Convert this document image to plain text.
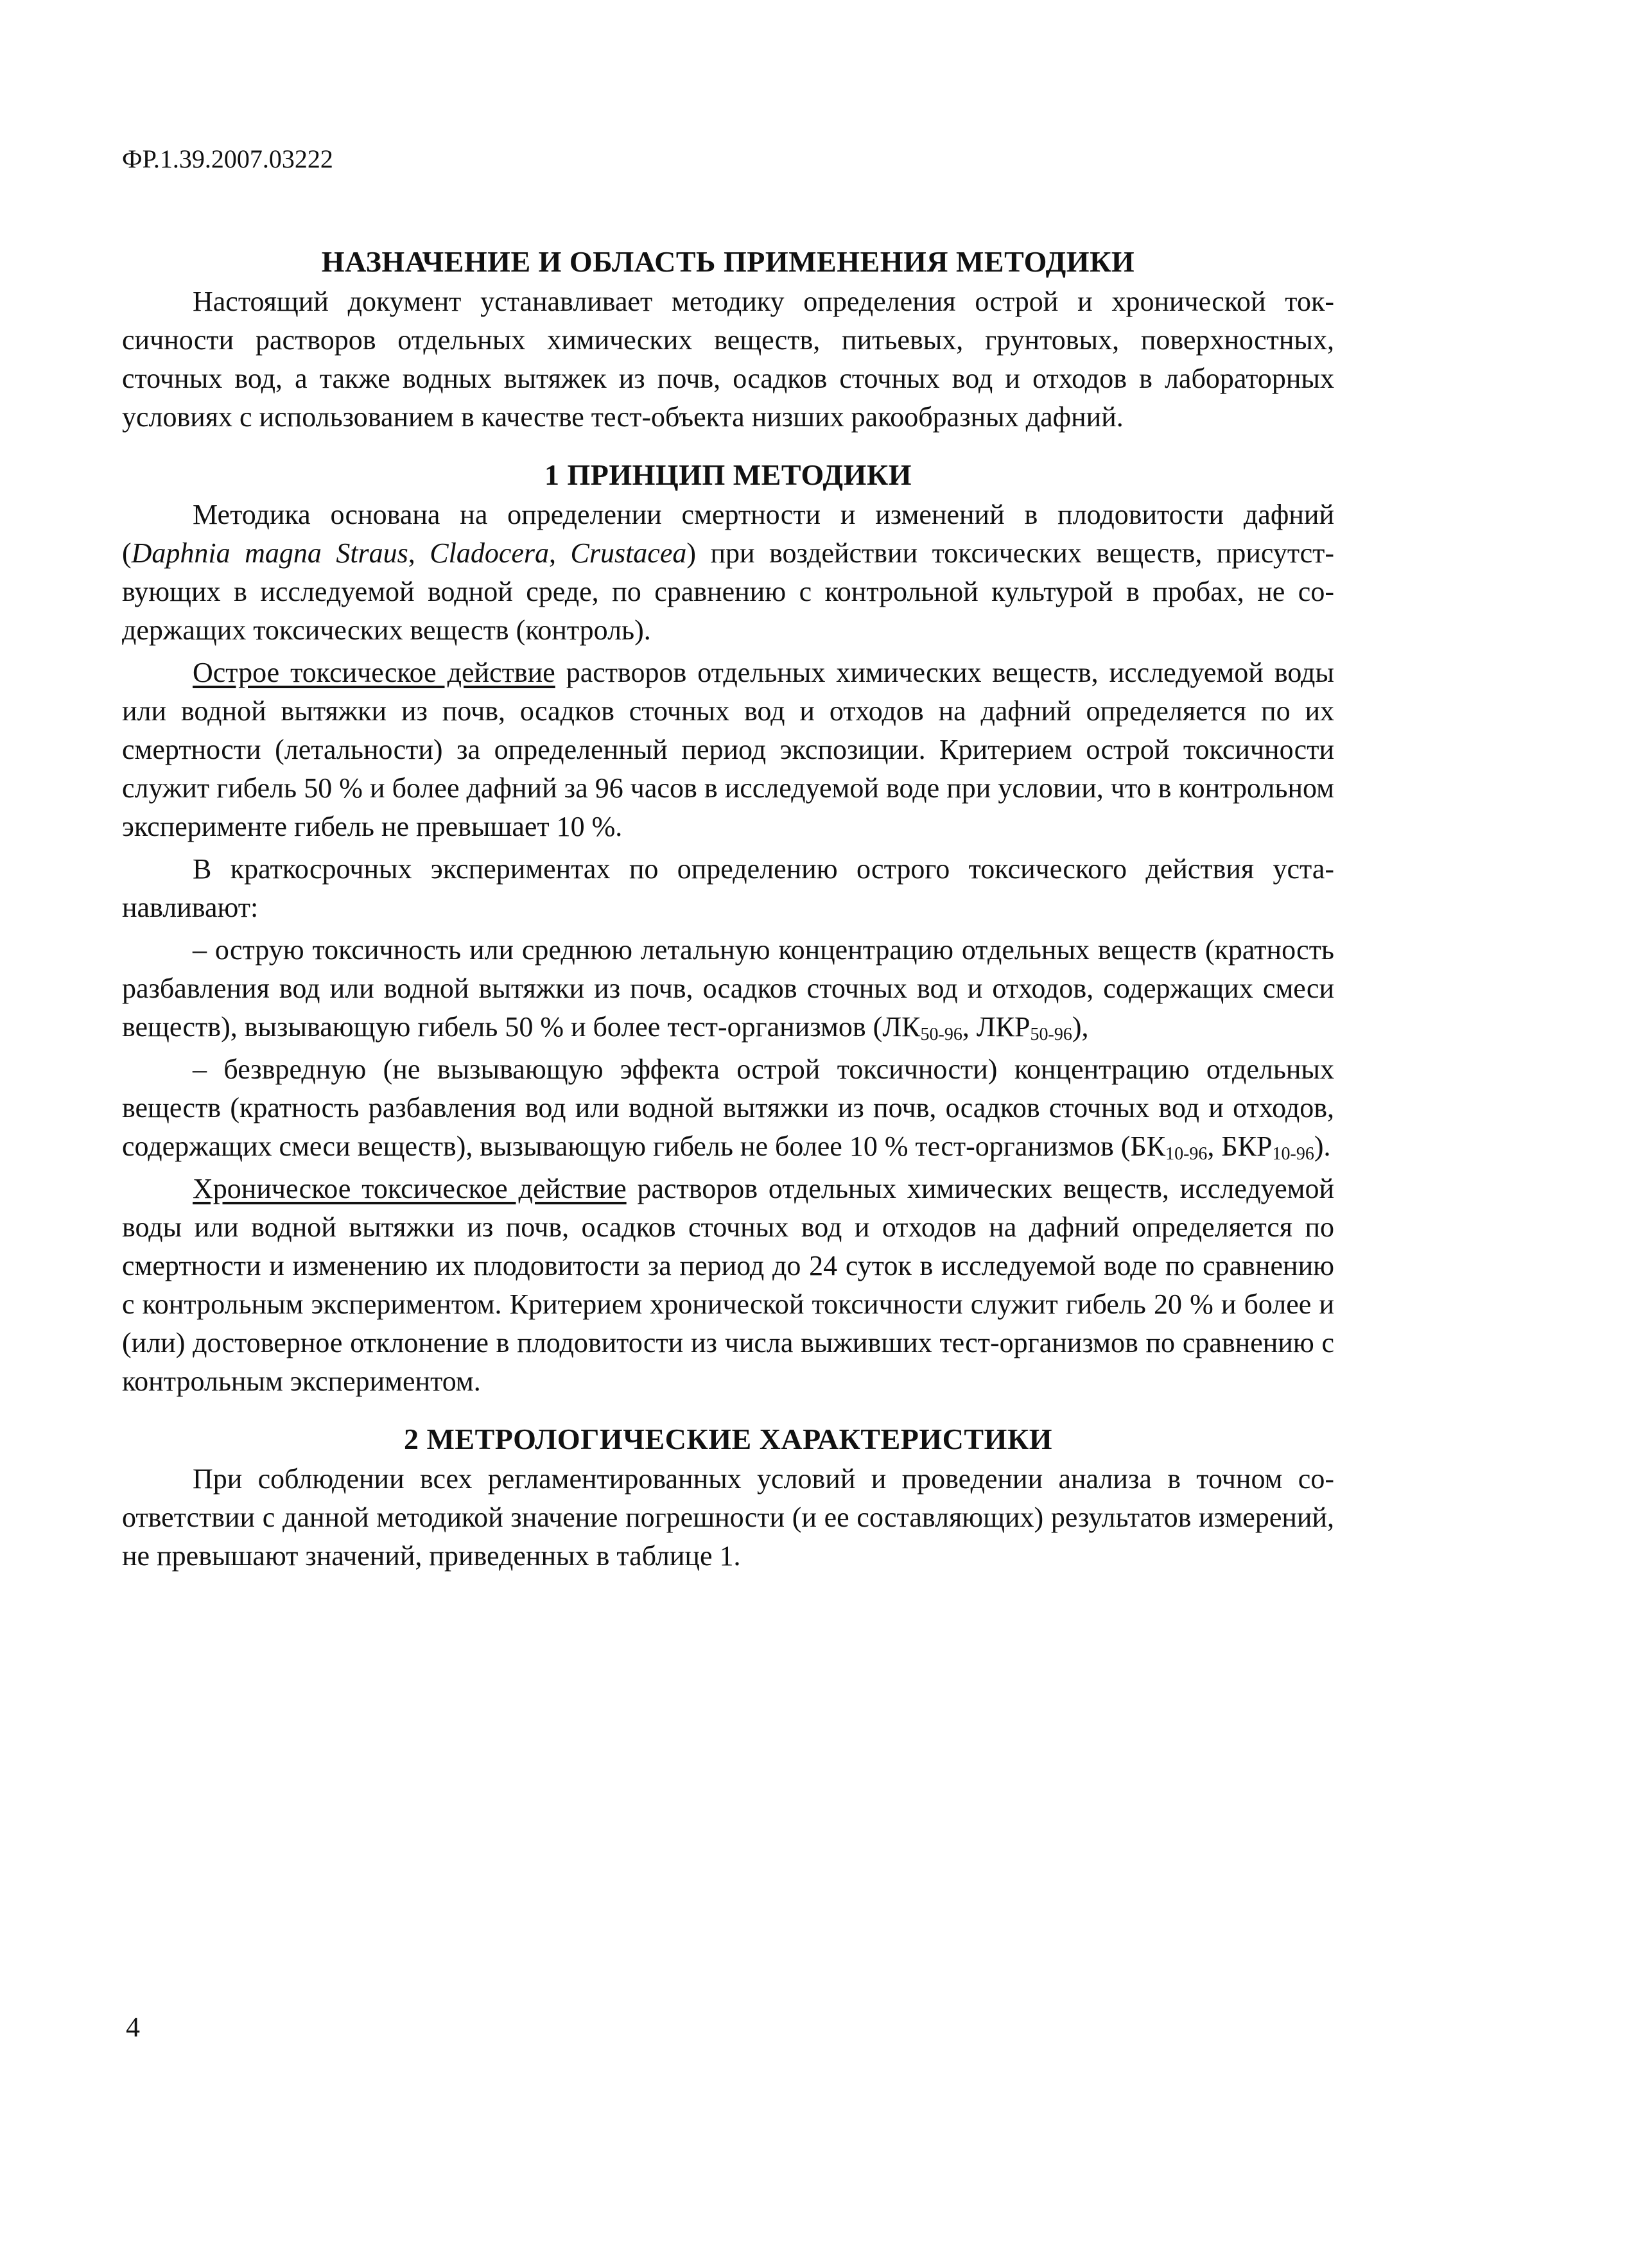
ФР.1.39.2007.03222
НАЗНАЧЕНИЕ И ОБЛАСТЬ ПРИМЕНЕНИЯ МЕТОДИКИ

Настоящий документ устанавливает методику определения острой и хронической токсичности растворов отдельных химических веществ, питьевых, грунтовых, поверхностных, сточных вод, а также водных вытяжек из почв, осадков сточных вод и отходов в лабораторных условиях с использованием в качестве тест-объекта низших ракообразных дафний.

1 ПРИНЦИП МЕТОДИКИ

Методика основана на определении смертности и изменений в плодовитости дафний (Daphnia magna Straus, Cladocera, Crustacea) при воздействии токсических веществ, присутствующих в исследуемой водной среде, по сравнению с контрольной культурой в пробах, не содержащих токсических веществ (контроль).

Острое токсическое действие растворов отдельных химических веществ, исследуемой воды или водной вытяжки из почв, осадков сточных вод и отходов на дафний определяется по их смертности (летальности) за определенный период экспозиции. Критерием острой токсичности служит гибель 50 % и более дафний за 96 часов в исследуемой воде при условии, что в контрольном эксперименте гибель не превышает 10 %.

В краткосрочных экспериментах по определению острого токсического действия устанавливают:

– острую токсичность или среднюю летальную концентрацию отдельных веществ (кратность разбавления вод или водной вытяжки из почв, осадков сточных вод и отходов, содержащих смеси веществ), вызывающую гибель 50 % и более тест-организмов ($ЛК_{50-96}$, $ЛКР_{50-96}$),

– безвредную (не вызывающую эффекта острой токсичности) концентрацию отдельных веществ (кратность разбавления вод или водной вытяжки из почв, осадков сточных вод и отходов, содержащих смеси веществ), вызывающую гибель не более 10 % тест-организмов ($БК_{10-96}$, $БКР_{10-96}$).

Хроническое токсическое действие растворов отдельных химических веществ, исследуемой воды или водной вытяжки из почв, осадков сточных вод и отходов на дафний определяется по смертности и изменению их плодовитости за период до 24 суток в исследуемой воде по сравнению с контрольным экспериментом. Критерием хронической токсичности служит гибель 20 % и более и (или) достоверное отклонение в плодовитости из числа выживших тест-организмов по сравнению с контрольным экспериментом.

2 МЕТРОЛОГИЧЕСКИЕ ХАРАКТЕРИСТИКИ

При соблюдении всех регламентированных условий и проведении анализа в точном соответствии с данной методикой значение погрешности (и ее составляющих) результатов измерений, не превышают значений, приведенных в таблице 1.

4
